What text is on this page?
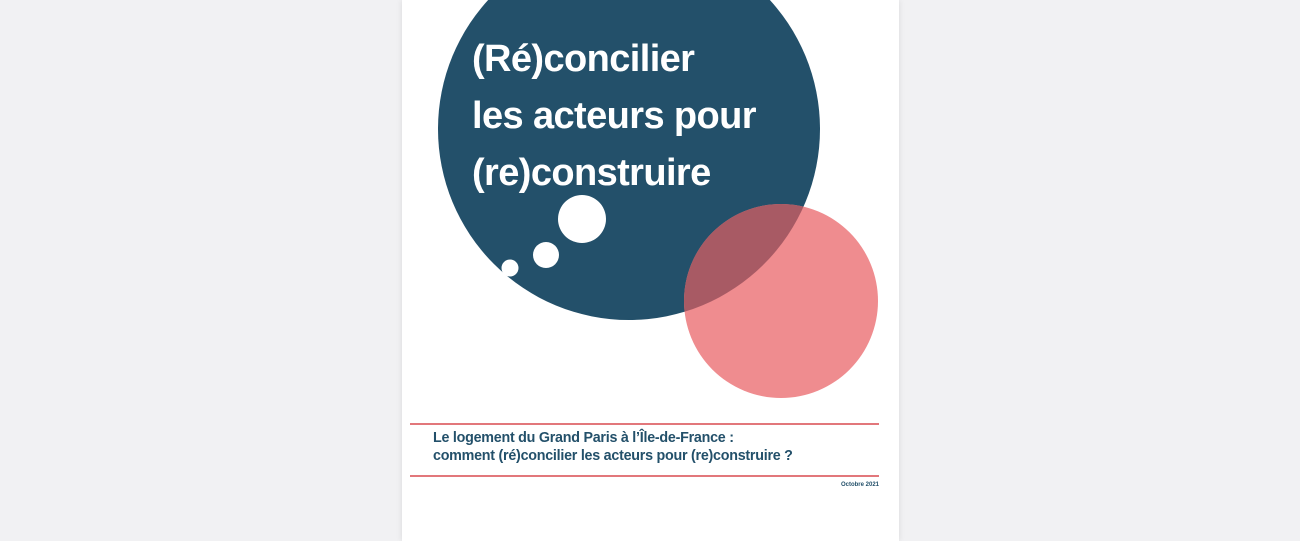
(Ré)concilier
les acteurs pour
(re)construire
Le logement du Grand Paris à l’Île-de-France :
comment (ré)concilier les acteurs pour (re)construire ?
Octobre 2021
